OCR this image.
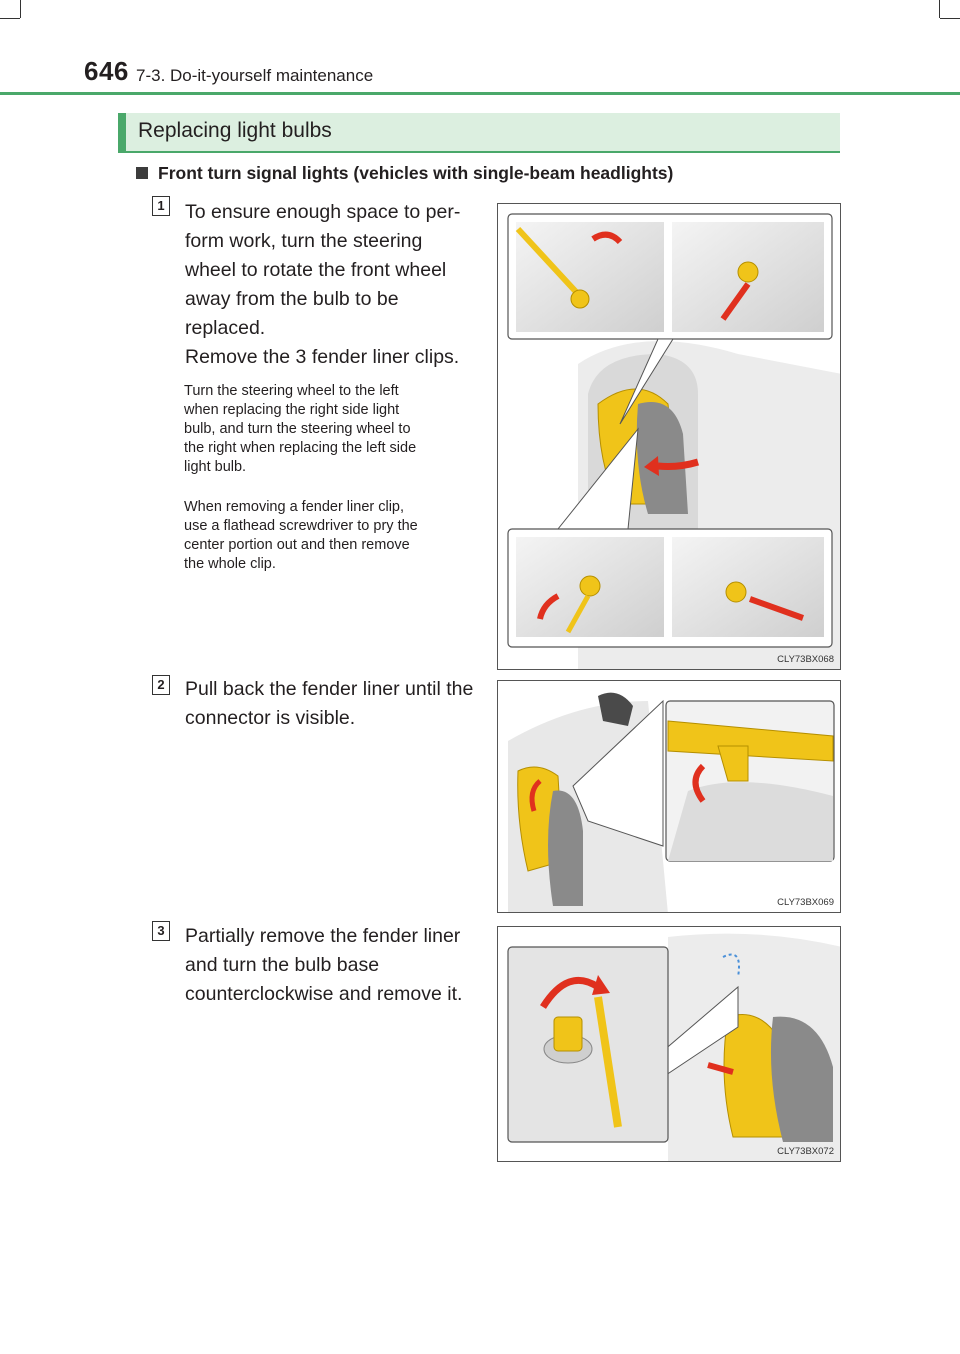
646 7-3. Do-it-yourself maintenance
Replacing light bulbs
Front turn signal lights (vehicles with single-beam headlights)
1 To ensure enough space to per-
form work, turn the steering
wheel to rotate the front wheel
away from the bulb to be
replaced.
Remove the 3 fender liner clips.
Turn the steering wheel to the left
when replacing the right side light
bulb, and turn the steering wheel to
the right when replacing the left side
light bulb.
When removing a fender liner clip,
use a flathead screwdriver to pry the
center portion out and then remove
the whole clip.
CLY73BX068
2 Pull back the fender liner until the
connector is visible.
CLY73BX069
3 Partially remove the fender liner
and turn the bulb base
counterclockwise and remove it.
CLY73BX072
